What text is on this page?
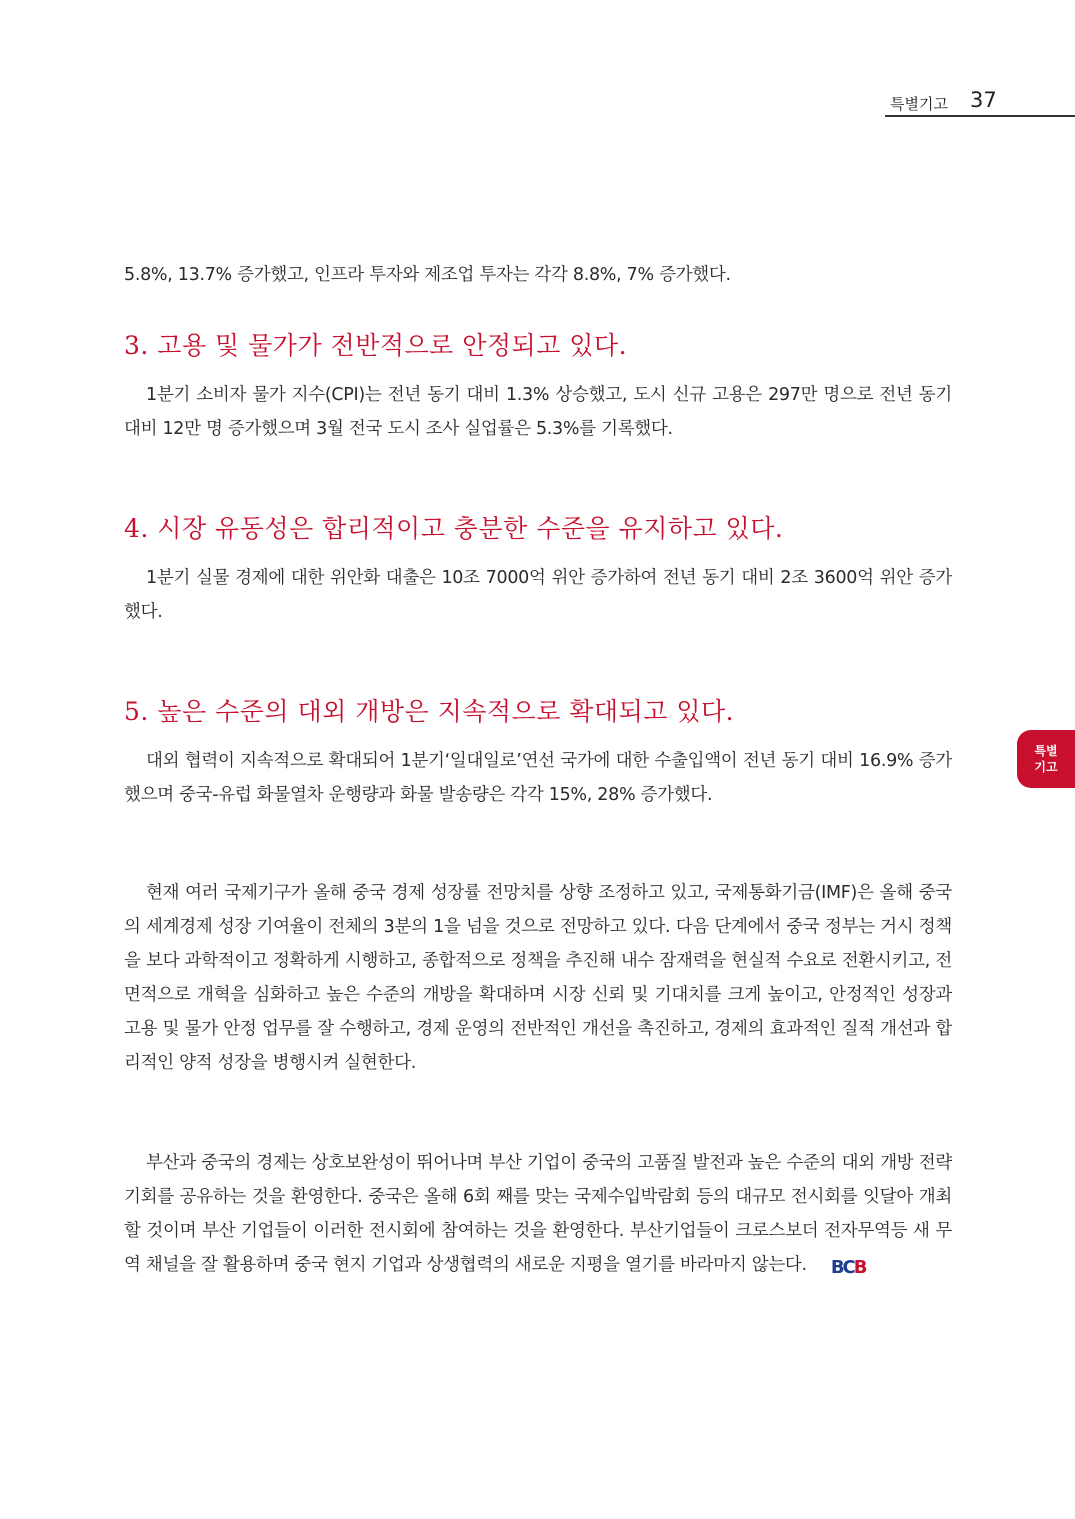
특별기고 37

5.8%, 13.7% 증가했고, 인프라 투자와 제조업 투자는 각각 8.8%, 7% 증가했다.

3. 고용 및 물가가 전반적으로 안정되고 있다.

1분기 소비자 물가 지수(CPI)는 전년 동기 대비 1.3% 상승했고, 도시 신규 고용은 297만 명으로 전년 동기 대비 12만 명 증가했으며 3월 전국 도시 조사 실업률은 5.3%를 기록했다.

4. 시장 유동성은 합리적이고 충분한 수준을 유지하고 있다.

1분기 실물 경제에 대한 위안화 대출은 10조 7000억 위안 증가하여 전년 동기 대비 2조 3600억 위안 증가했다.

5. 높은 수준의 대외 개방은 지속적으로 확대되고 있다.

대외 협력이 지속적으로 확대되어 1분기‘일대일로’연선 국가에 대한 수출입액이 전년 동기 대비 16.9% 증가했으며 중국-유럽 화물열차 운행량과 화물 발송량은 각각 15%, 28% 증가했다.

현재 여러 국제기구가 올해 중국 경제 성장률 전망치를 상향 조정하고 있고, 국제통화기금(IMF)은 올해 중국의 세계경제 성장 기여율이 전체의 3분의 1을 넘을 것으로 전망하고 있다. 다음 단계에서 중국 정부는 거시 정책을 보다 과학적이고 정확하게 시행하고, 종합적으로 정책을 추진해 내수 잠재력을 현실적 수요로 전환시키고, 전면적으로 개혁을 심화하고 높은 수준의 개방을 확대하며 시장 신뢰 및 기대치를 크게 높이고, 안정적인 성장과 고용 및 물가 안정 업무를 잘 수행하고, 경제 운영의 전반적인 개선을 촉진하고, 경제의 효과적인 질적 개선과 합리적인 양적 성장을 병행시켜 실현한다.

부산과 중국의 경제는 상호보완성이 뛰어나며 부산 기업이 중국의 고품질 발전과 높은 수준의 대외 개방 전략 기회를 공유하는 것을 환영한다. 중국은 올해 6회 째를 맞는 국제수입박람회 등의 대규모 전시회를 잇달아 개최할 것이며 부산 기업들이 이러한 전시회에 참여하는 것을 환영한다. 부산기업들이 크로스보더 전자무역등 새 무역 채널을 잘 활용하며 중국 현지 기업과 상생협력의 새로운 지평을 열기를 바라마지 않는다. BCB

특별
기고
